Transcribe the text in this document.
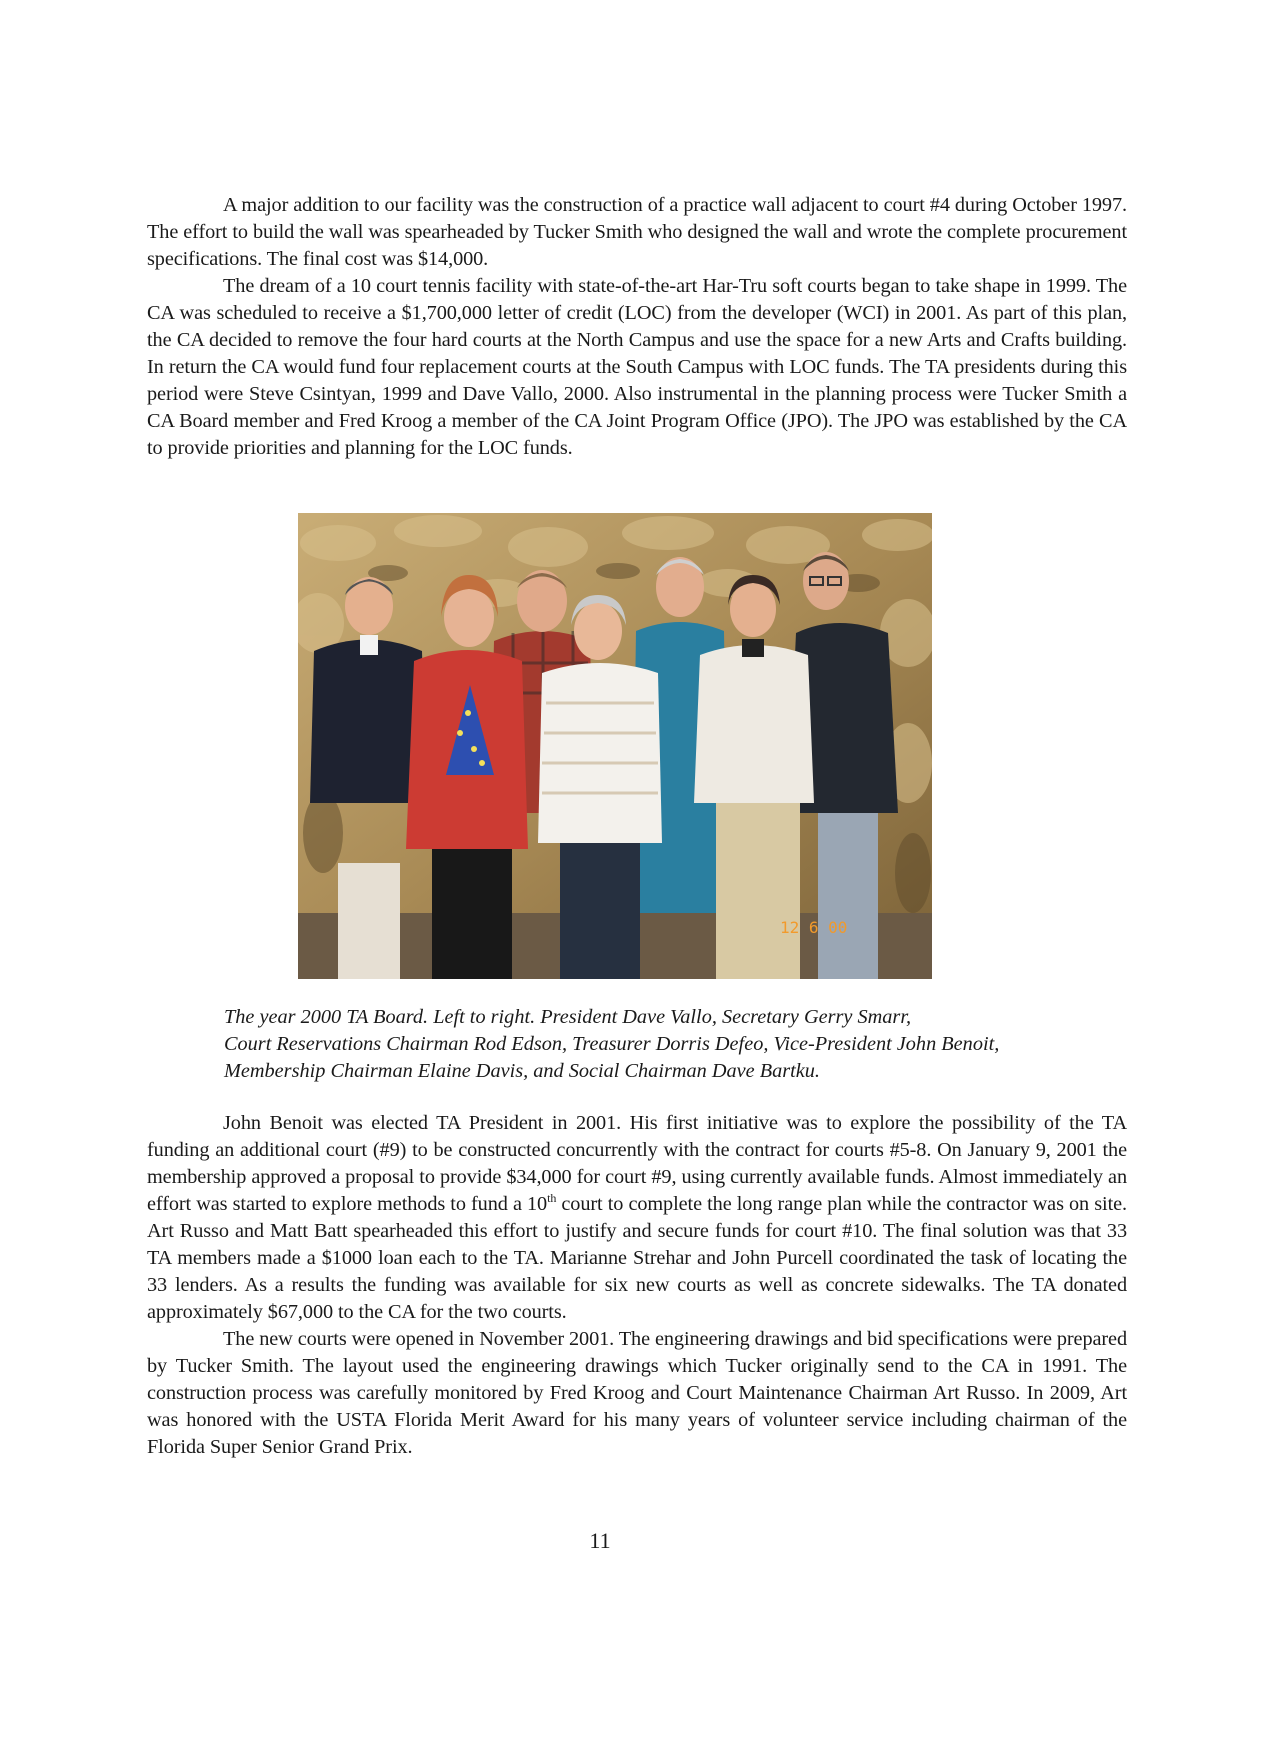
A major addition to our facility was the construction of a practice wall adjacent to court #4 during October 1997. The effort to build the wall was spearheaded by Tucker Smith who designed the wall and wrote the complete procurement specifications. The final cost was $14,000.

The dream of a 10 court tennis facility with state-of-the-art Har-Tru soft courts began to take shape in 1999. The CA was scheduled to receive a $1,700,000 letter of credit (LOC) from the developer (WCI) in 2001. As part of this plan, the CA decided to remove the four hard courts at the North Campus and use the space for a new Arts and Crafts building. In return the CA would fund four replacement courts at the South Campus with LOC funds. The TA presidents during this period were Steve Csintyan, 1999 and Dave Vallo, 2000. Also instrumental in the planning process were Tucker Smith a CA Board member and Fred Kroog a member of the CA Joint Program Office (JPO). The JPO was established by the CA to provide priorities and planning for the LOC funds.

12 6 00

The year 2000 TA Board. Left to right. President Dave Vallo, Secretary Gerry Smarr,

Court Reservations Chairman Rod Edson, Treasurer Dorris Defeo, Vice-President John Benoit,

Membership Chairman Elaine Davis, and Social Chairman Dave Bartku.

John Benoit was elected TA President in 2001. His first initiative was to explore the possibility of the TA funding an additional court (#9) to be constructed concurrently with the contract for courts #5-8. On January 9, 2001 the membership approved a proposal to provide $34,000 for court #9, using currently available funds. Almost immediately an effort was started to explore methods to fund a 10th court to complete the long range plan while the contractor was on site. Art Russo and Matt Batt spearheaded this effort to justify and secure funds for court #10. The final solution was that 33 TA members made a $1000 loan each to the TA. Marianne Strehar and John Purcell coordinated the task of locating the 33 lenders. As a results the funding was available for six new courts as well as concrete sidewalks. The TA donated approximately $67,000 to the CA for the two courts.

The new courts were opened in November 2001. The engineering drawings and bid specifications were prepared by Tucker Smith. The layout used the engineering drawings which Tucker originally send to the CA in 1991. The construction process was carefully monitored by Fred Kroog and Court Maintenance Chairman Art Russo. In 2009, Art was honored with the USTA Florida Merit Award for his many years of volunteer service including chairman of the Florida Super Senior Grand Prix.

11
